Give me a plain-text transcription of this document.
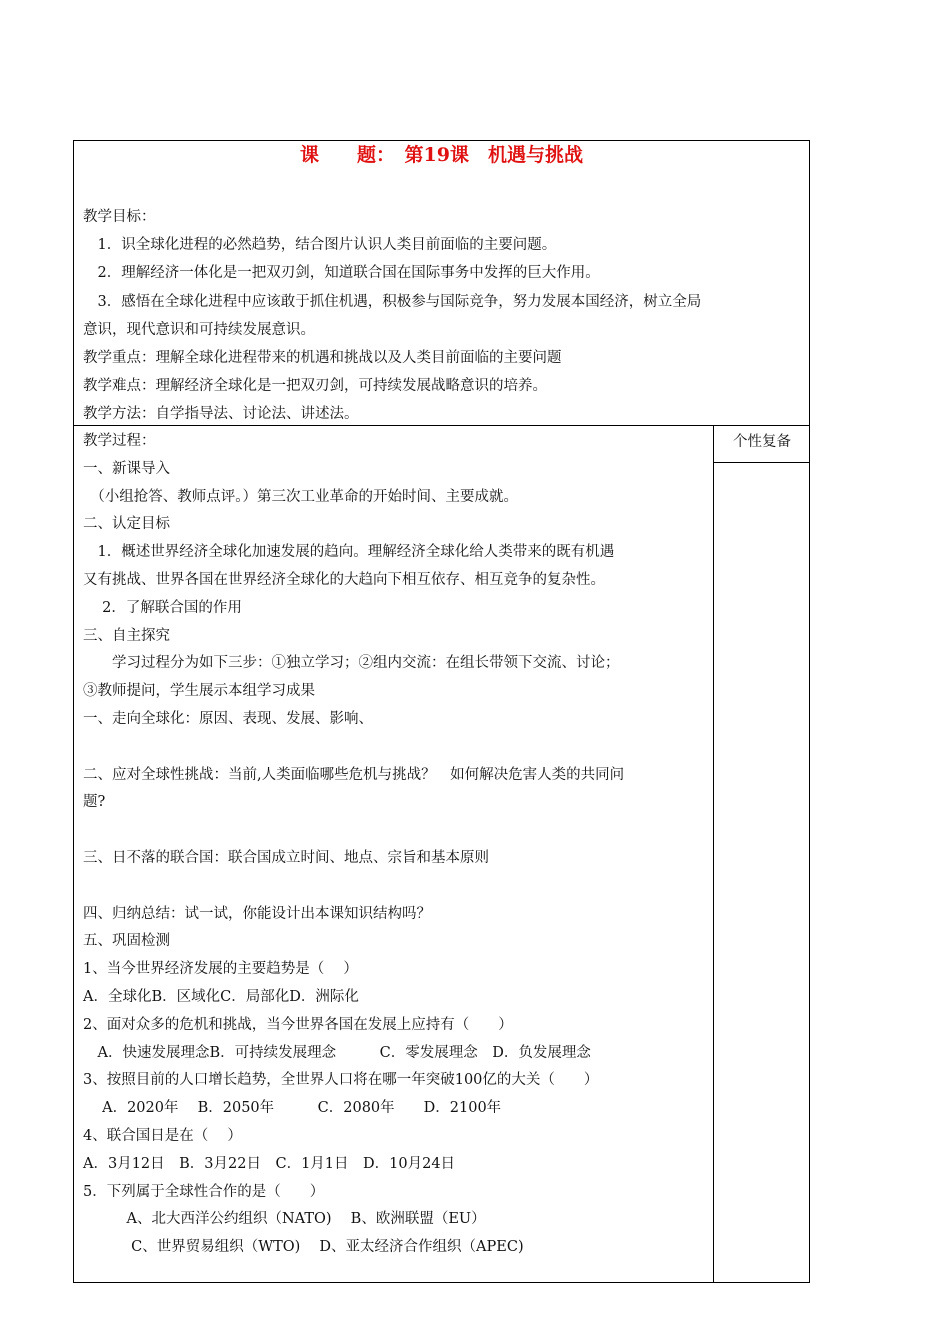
课　　题：　第19课　机遇与挑战
个性复备
教学目标：
　1．识全球化进程的必然趋势，结合图片认识人类目前面临的主要问题。
　2．理解经济一体化是一把双刃剑，知道联合国在国际事务中发挥的巨大作用。
　3．感悟在全球化进程中应该敢于抓住机遇，积极参与国际竞争，努力发展本国经济，树立全局
意识，现代意识和可持续发展意识。
教学重点：理解全球化进程带来的机遇和挑战以及人类目前面临的主要问题
教学难点：理解经济全球化是一把双刃剑，可持续发展战略意识的培养。
教学方法：自学指导法、讨论法、讲述法。
教学过程：
一、新课导入
　（小组抢答、教师点评。）第三次工业革命的开始时间、主要成就。
二、认定目标
　1．概述世界经济全球化加速发展的趋向。理解经济全球化给人类带来的既有机遇
又有挑战、世界各国在世界经济全球化的大趋向下相互依存、相互竞争的复杂性。
　 2．了解联合国的作用
三、自主探究
　　学习过程分为如下三步：①独立学习；②组内交流：在组长带领下交流、讨论；
③教师提问，学生展示本组学习成果
一、走向全球化：原因、表现、发展、影响、
二、应对全球性挑战：当前,人类面临哪些危机与挑战？　如何解决危害人类的共同问
题?
三、日不落的联合国：联合国成立时间、地点、宗旨和基本原则
四、归纳总结：试一试，你能设计出本课知识结构吗？
五、巩固检测
1、当今世界经济发展的主要趋势是（　 ）
A．全球化B．区域化C．局部化D．洲际化
2、面对众多的危机和挑战，当今世界各国在发展上应持有（　　）
　A．快速发展理念B．可持续发展理念　　　C．零发展理念　D．负发展理念
3、按照目前的人口增长趋势，全世界人口将在哪一年突破100亿的大关（　　）
　 A．2020年　 B．2050年　　　C．2080年　　D．2100年
4、联合国日是在（　 ）
A．3月12日　B．3月22日　C．1月1日　D．10月24日
5．下列属于全球性合作的是（　　）
　　　A、北大西洋公约组织（NATO)　 B、欧洲联盟（EU）
　　　 C、世界贸易组织（WTO)　 D、亚太经济合作组织（APEC)
